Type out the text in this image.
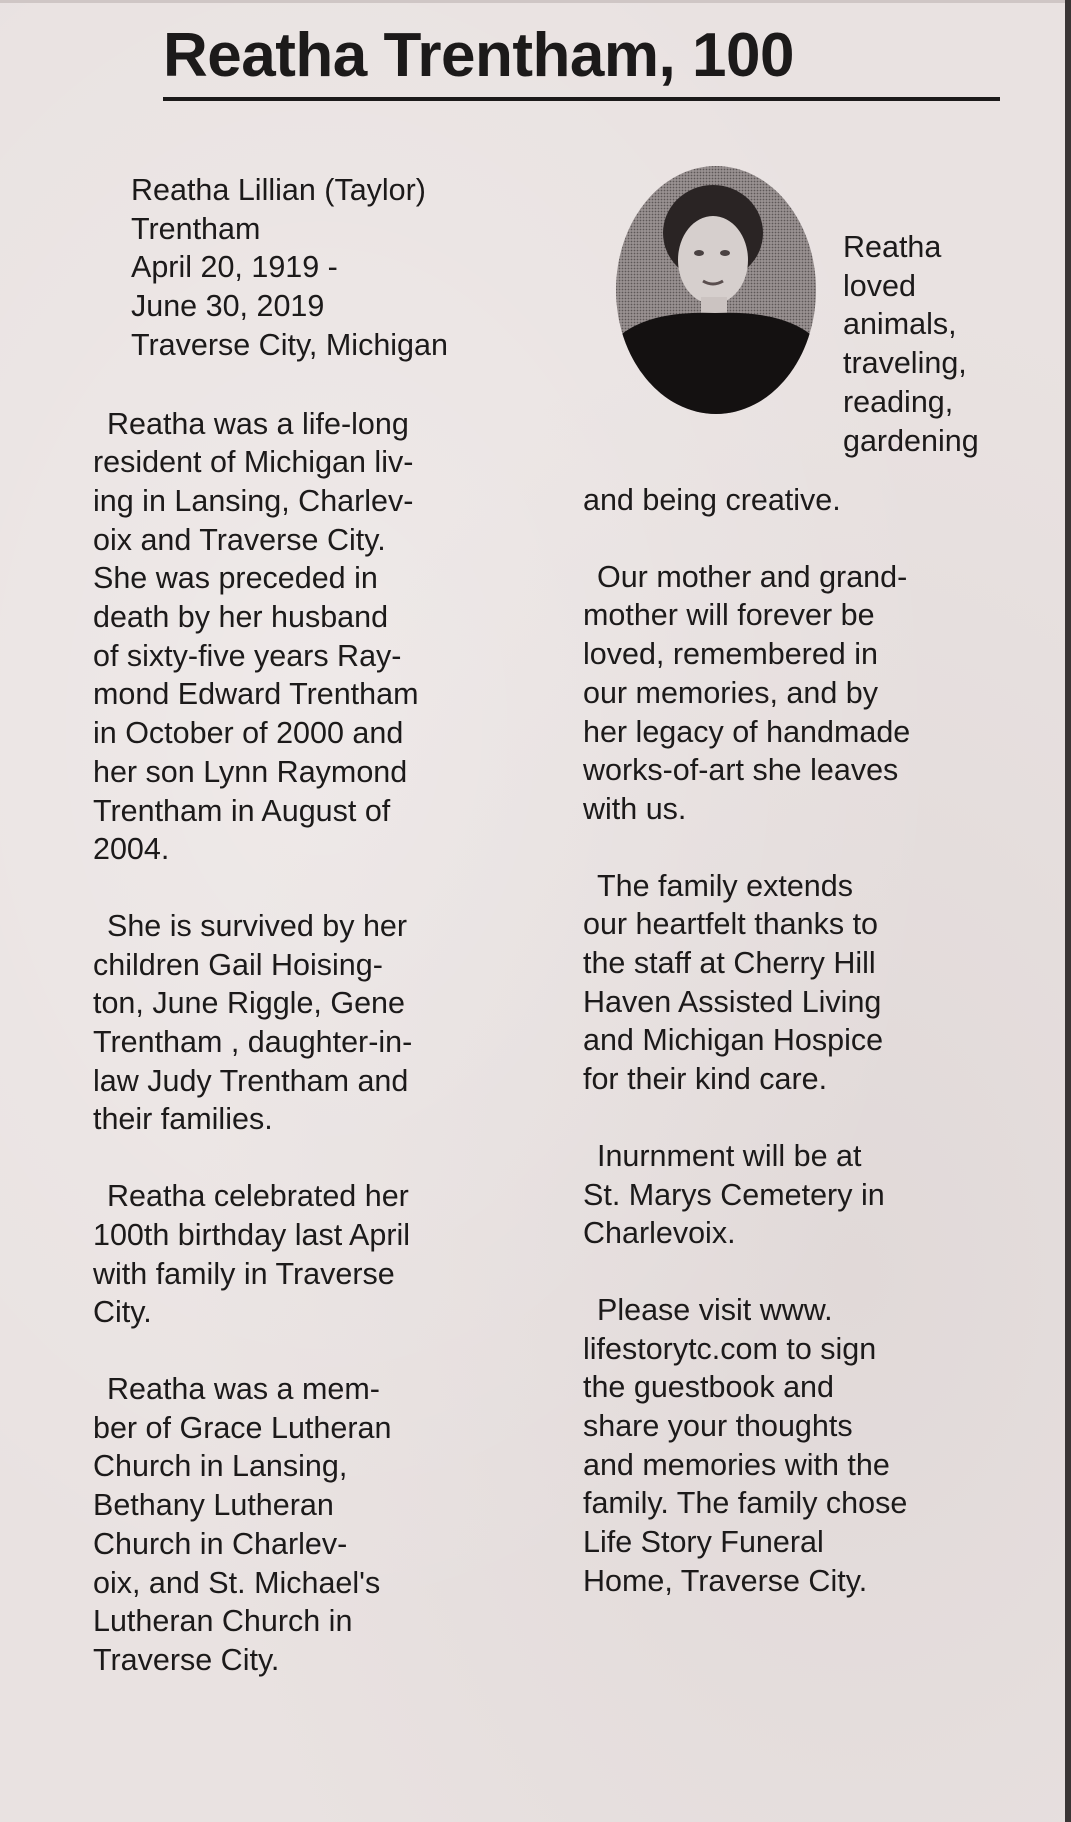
Reatha Trentham, 100

Reatha Lillian (Taylor)
Trentham
April 20, 1919 -
June 30, 2019
Traverse City, Michigan

Reatha was a life-long
resident of Michigan liv-
ing in Lansing, Charlev-
oix and Traverse City.
She was preceded in
death by her husband
of sixty-five years Ray-
mond Edward Trentham
in October of 2000 and
her son Lynn Raymond
Trentham in August of
2004.

She is survived by her
children Gail Hoising-
ton, June Riggle, Gene
Trentham , daughter-in-
law Judy Trentham and
their families.

Reatha celebrated her
100th birthday last April
with family in Traverse
City.

Reatha was a mem-
ber of Grace Lutheran
Church in Lansing,
Bethany Lutheran
Church in Charlev-
oix, and St. Michael's
Lutheran Church in
Traverse City.

Reatha
loved
animals,
traveling,
reading,
gardening

and being creative.

Our mother and grand-
mother will forever be
loved, remembered in
our memories, and by
her legacy of handmade
works-of-art she leaves
with us.

The family extends
our heartfelt thanks to
the staff at Cherry Hill
Haven Assisted Living
and Michigan Hospice
for their kind care.

Inurnment will be at
St. Marys Cemetery in
Charlevoix.

Please visit www.
lifestorytc.com to sign
the guestbook and
share your thoughts
and memories with the
family. The family chose
Life Story Funeral
Home, Traverse City.
